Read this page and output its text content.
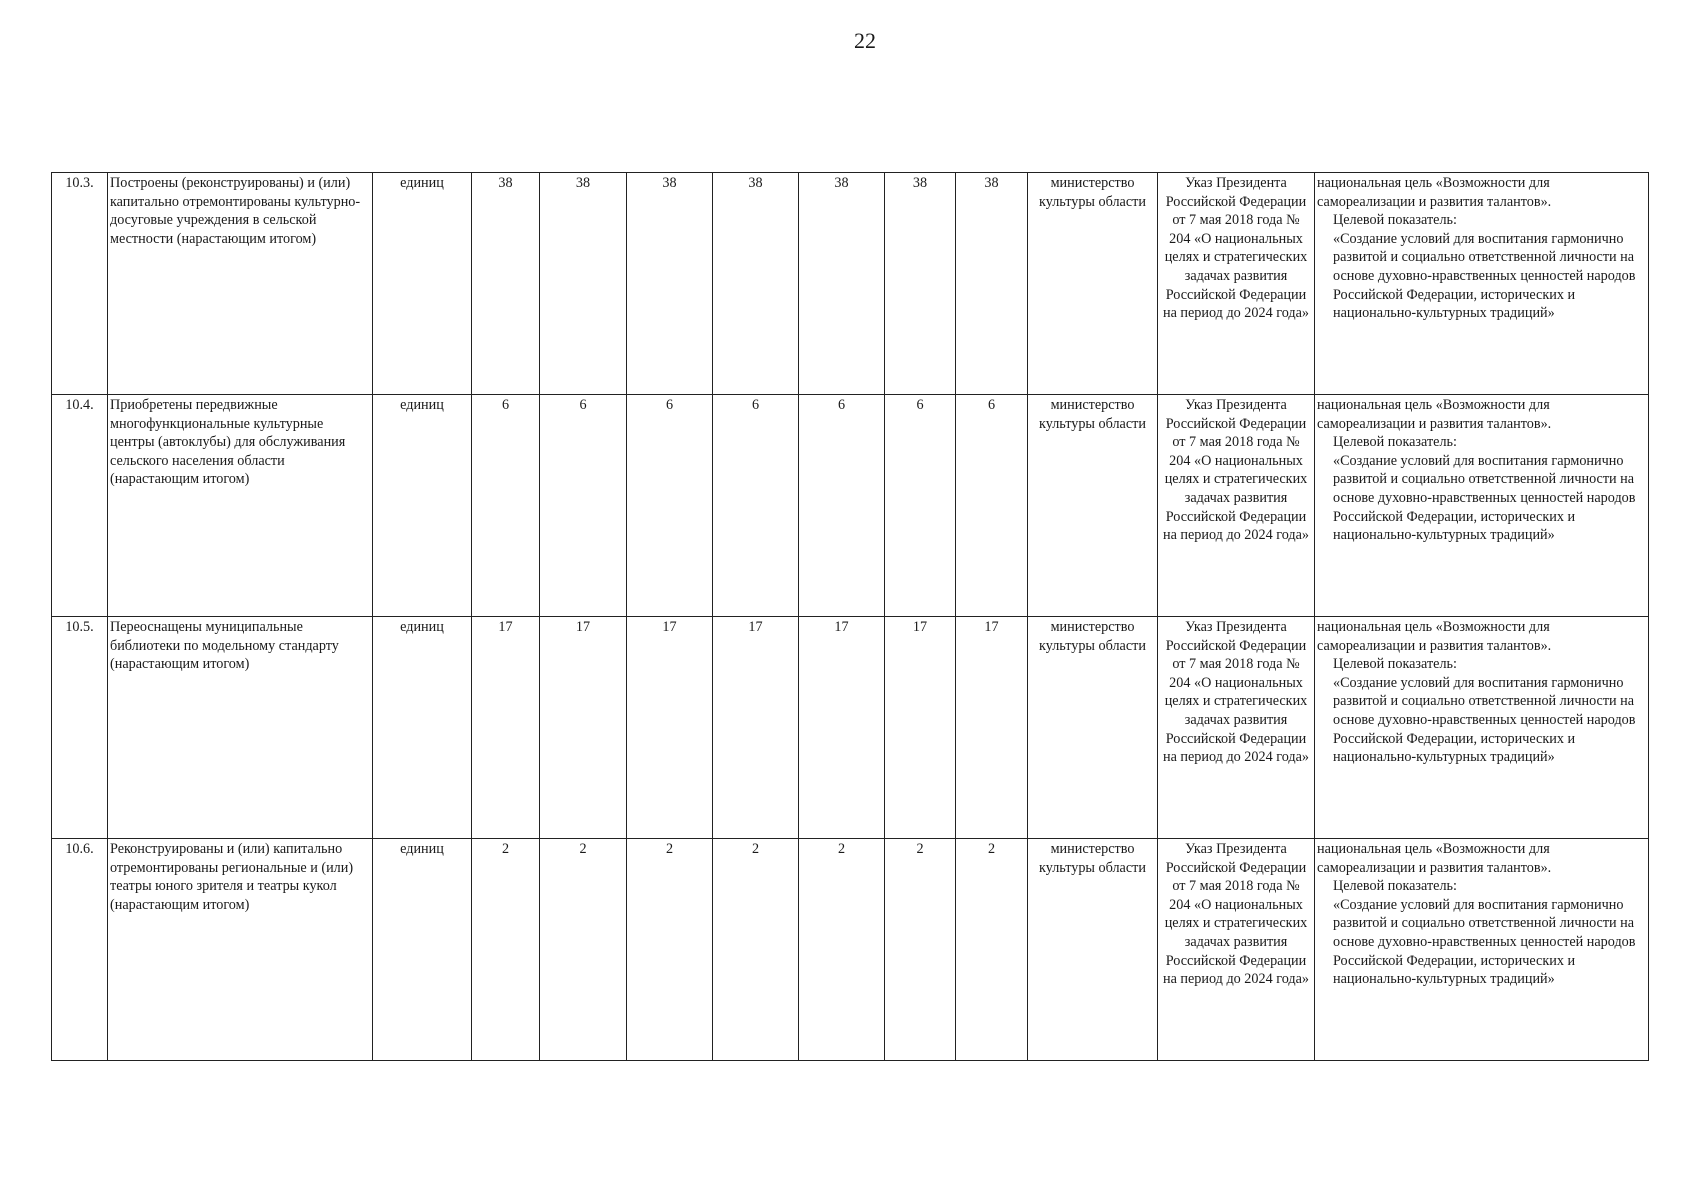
22
10.3.	Построены (реконструированы) и (или) капитально отремонтированы культурно-досуговые учреждения в сельской местности (нарастающим итогом)	единиц	38	38	38	38	38	38	38	министерство культуры области	Указ Президента Российской Федерации от 7 мая 2018 года № 204 «О национальных целях и стратегических задачах развития Российской Федерации на период до 2024 года»	национальная цель «Возможности для самореализации и развития талантов».
Целевой показатель:
«Создание условий для воспитания гармонично развитой и социально ответственной личности на основе духовно-нравственных ценностей народов Российской Федерации, исторических и национально-культурных традиций»

10.4.	Приобретены передвижные многофункциональные культурные центры (автоклубы) для обслуживания сельского населения области (нарастающим итогом)	единиц	6	6	6	6	6	6	6	министерство культуры области	Указ Президента Российской Федерации от 7 мая 2018 года № 204 «О национальных целях и стратегических задачах развития Российской Федерации на период до 2024 года»	национальная цель «Возможности для самореализации и развития талантов».
Целевой показатель:
«Создание условий для воспитания гармонично развитой и социально ответственной личности на основе духовно-нравственных ценностей народов Российской Федерации, исторических и национально-культурных традиций»

10.5.	Переоснащены муниципальные библиотеки по модельному стандарту (нарастающим итогом)	единиц	17	17	17	17	17	17	17	министерство культуры области	Указ Президента Российской Федерации от 7 мая 2018 года № 204 «О национальных целях и стратегических задачах развития Российской Федерации на период до 2024 года»	национальная цель «Возможности для самореализации и развития талантов».
Целевой показатель:
«Создание условий для воспитания гармонично развитой и социально ответственной личности на основе духовно-нравственных ценностей народов Российской Федерации, исторических и национально-культурных традиций»

10.6.	Реконструированы и (или) капитально отремонтированы региональные и (или) театры юного зрителя и театры кукол (нарастающим итогом)	единиц	2	2	2	2	2	2	2	министерство культуры области	Указ Президента Российской Федерации от 7 мая 2018 года № 204 «О национальных целях и стратегических задачах развития Российской Федерации на период до 2024 года»	национальная цель «Возможности для самореализации и развития талантов».
Целевой показатель:
«Создание условий для воспитания гармонично развитой и социально ответственной личности на основе духовно-нравственных ценностей народов Российской Федерации, исторических и национально-культурных традиций»
